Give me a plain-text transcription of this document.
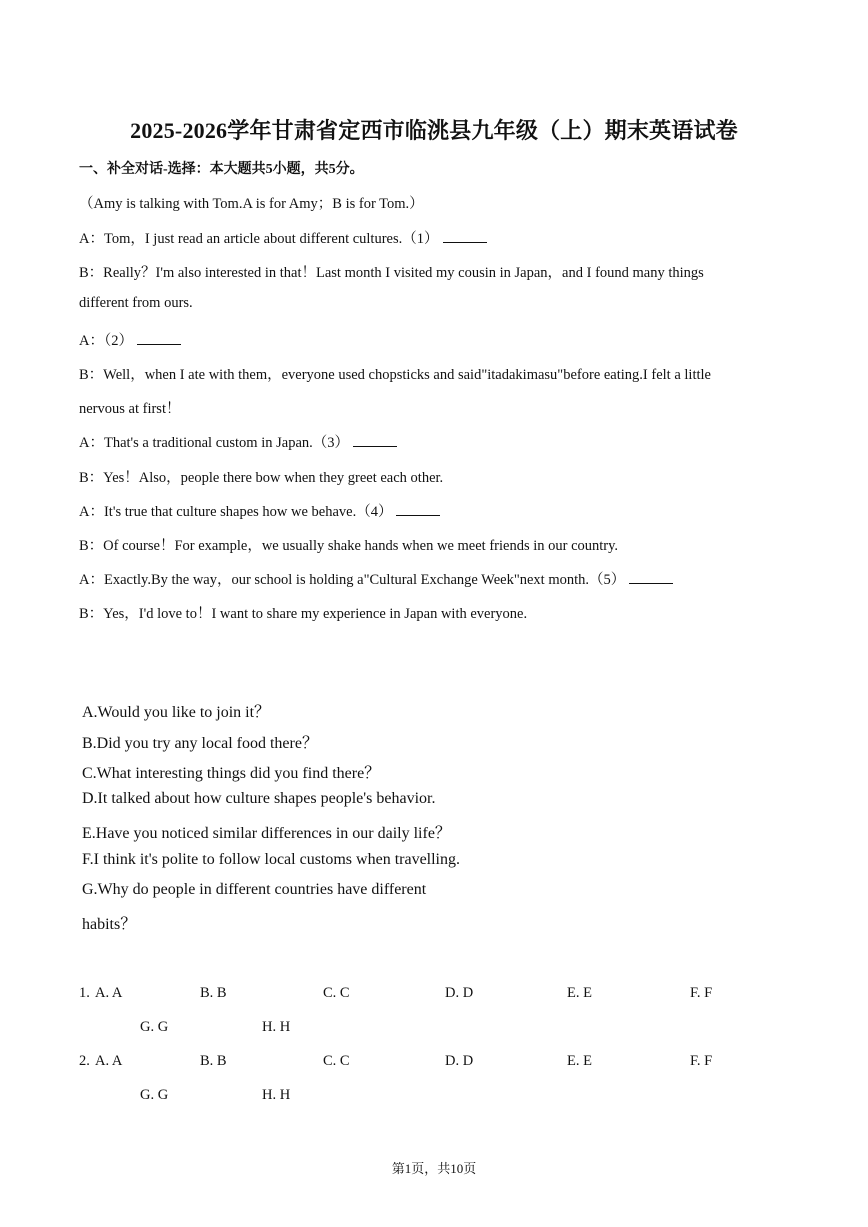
2025-2026学年甘肃省定西市临洮县九年级（上）期末英语试卷
一、补全对话-选择：本大题共5小题，共5分。
（Amy is talking with Tom.A is for Amy；B is for Tom.）
A：Tom，I just read an article about different cultures.（1）
B：Really？I'm also interested in that！Last month I visited my cousin in Japan，and I found many things
different from ours.
A：（2）
B：Well，when I ate with them，everyone used chopsticks and said"itadakimasu"before eating.I felt a little
nervous at first！
A：That's a traditional custom in Japan.（3）
B：Yes！Also，people there bow when they greet each other.
A：It's true that culture shapes how we behave.（4）
B：Of course！For example，we usually shake hands when we meet friends in our country.
A：Exactly.By the way，our school is holding a"Cultural Exchange Week"next month.（5）
B：Yes，I'd love to！I want to share my experience in Japan with everyone.
A.Would you like to join it？
B.Did you try any local food there？
C.What interesting things did you find there？
D.It talked about how culture shapes people's behavior.
E.Have you noticed similar differences in our daily life？
F.I think it's polite to follow local customs when travelling.
G.Why do people in different countries have different
habits？
1. A. A	B. B	C. C	D. D	E. E	F. F
G. G	H. H
2. A. A	B. B	C. C	D. D	E. E	F. F
G. G	H. H
第1页，共10页
